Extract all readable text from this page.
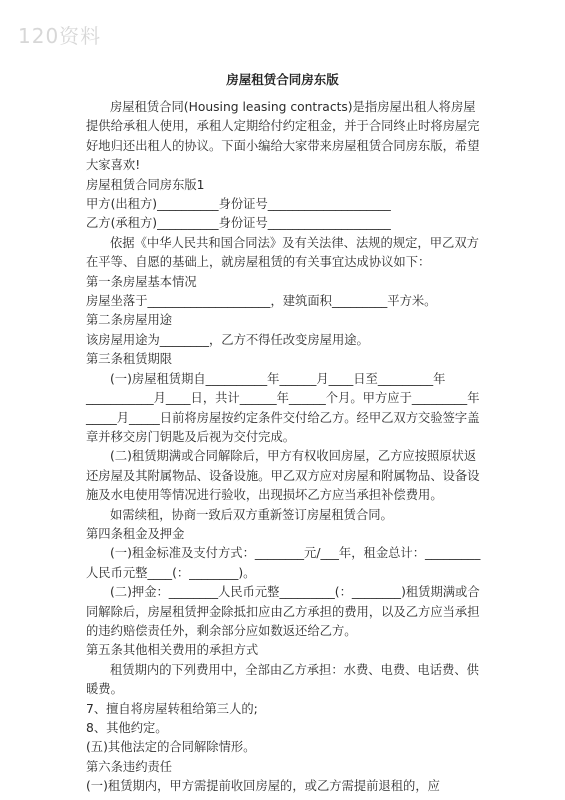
120资料
房屋租赁合同房东版

房屋租赁合同(Housing leasing contracts)是指房屋出租人将房屋提供给承租人使用，承租人定期给付约定租金，并于合同终止时将房屋完好地归还出租人的协议。下面小编给大家带来房屋租赁合同房东版，希望大家喜欢!

房屋租赁合同房东版1

甲方(出租方)__________身份证号____________________

乙方(承租方)__________身份证号____________________

依据《中华人民共和国合同法》及有关法律、法规的规定，甲乙双方在平等、自愿的基础上，就房屋租赁的有关事宜达成协议如下：

第一条房屋基本情况

房屋坐落于____________________，建筑面积_________平方米。

第二条房屋用途

该房屋用途为________，乙方不得任改变房屋用途。

第三条租赁期限

(一)房屋租赁期自__________年______月____日至_________年___________月____日，共计______年______个月。甲方应于_________年_____月_____日前将房屋按约定条件交付给乙方。经甲乙双方交验签字盖章并移交房门钥匙及后视为交付完成。

(二)租赁期满或合同解除后，甲方有权收回房屋，乙方应按照原状返还房屋及其附属物品、设备设施。甲乙双方应对房屋和附属物品、设备设施及水电使用等情况进行验收，出现损坏乙方应当承担补偿费用。

如需续租，协商一致后双方重新签订房屋租赁合同。

第四条租金及押金

(一)租金标准及支付方式：________元/___年，租金总计：_________人民币元整____(：________)。

(二)押金：________人民币元整_________(：________)租赁期满或合同解除后，房屋租赁押金除抵扣应由乙方承担的费用，以及乙方应当承担的违约赔偿责任外，剩余部分应如数返还给乙方。

第五条其他相关费用的承担方式

租赁期内的下列费用中，全部由乙方承担：水费、电费、电话费、供暖费。

7、擅自将房屋转租给第三人的;

8、其他约定。

(五)其他法定的合同解除情形。

第六条违约责任

(一)租赁期内，甲方需提前收回房屋的，或乙方需提前退租的，应
